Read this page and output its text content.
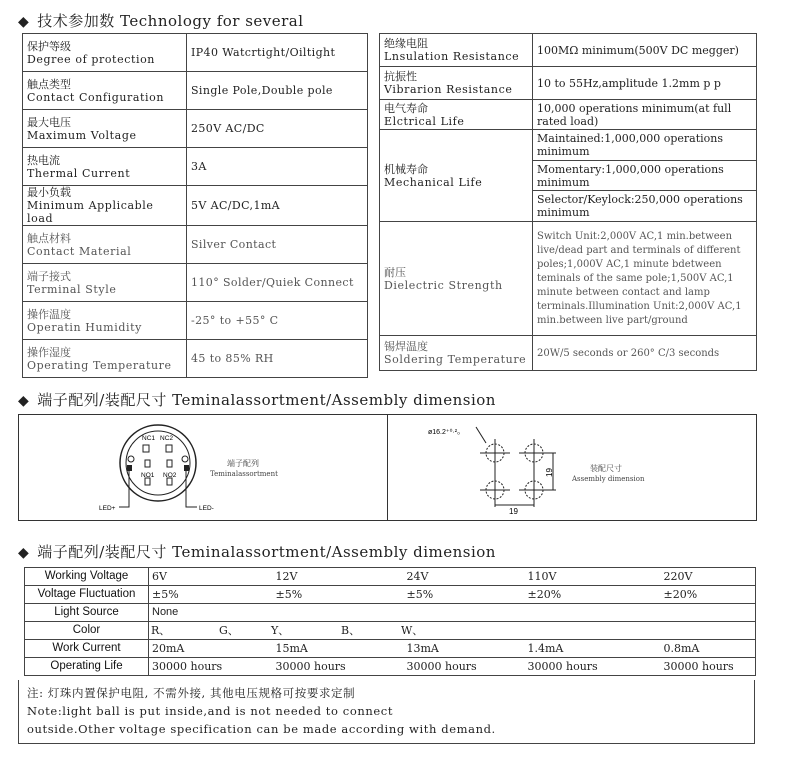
◆ 技术参加数 Technology for several
保护等级
Degree of protection	IP40 Watcrtight/Oiltight

触点类型
Contact Configuration	Single Pole,Double pole

最大电压
Maximum Voltage	250V AC/DC

热电流
Thermal Current	3A

最小负载
Minimum Applicable load	5V AC/DC,1mA

触点材料
Contact Material	Silver Contact

端子接式
Terminal Style	110° Solder/Quiek Connect

操作温度
Operatin Humidity	-25° to +55° C

操作湿度
Operating Temperature	45 to 85% RH
绝缘电阻
Lnsulation Resistance	100MΩ minimum(500V DC megger)

抗振性
Vibrarion Resistance	10 to 55Hz,amplitude 1.2mm p p

电气寿命
Elctrical Life	10,000 operations minimum(at full rated load)

机械寿命
Mechanical Life	Maintained:1,000,000 operations minimum
	Momentary:1,000,000 operations minimum
	Selector/Keylock:250,000 operations minimum

耐压
Dielectric Strength	Switch Unit:2,000V AC,1 min.between live/dead part and terminals of different poles;1,000V AC,1 minute bdetween teminals of the same pole;1,500V AC,1 minute between contact and lamp terminals.Illumination Unit:2,000V AC,1 min.between live part/ground

锡焊温度
Soldering Temperature	20W/5 seconds or 260° C/3 seconds
◆ 端子配列/装配尺寸 Teminalassortment/Assembly dimension
NC1 NC2
NO1 NO2
LED+	LED-
端子配列
Teminalassortment
ø16.2⁺⁰·²₀
19
19
装配尺寸
Assembly dimension
◆ 端子配列/装配尺寸 Teminalassortment/Assembly dimension
Working Voltage	6V	12V	24V	110V	220V
Voltage Fluctuation	±5%	±5%	±5%	±20%	±20%
Light Source	None				
Color	R、 G、 Y、 B、 W、				

Work Current	20mA	15mA	13mA	1.4mA	0.8mA
Operating Life	30000 hours	30000 hours	30000 hours	30000 hours	30000 hours
注: 灯珠内置保护电阻, 不需外接, 其他电压规格可按要求定制
Note:light ball is put inside,and is not needed to connect
outside.Other voltage specification can be made according with demand.
